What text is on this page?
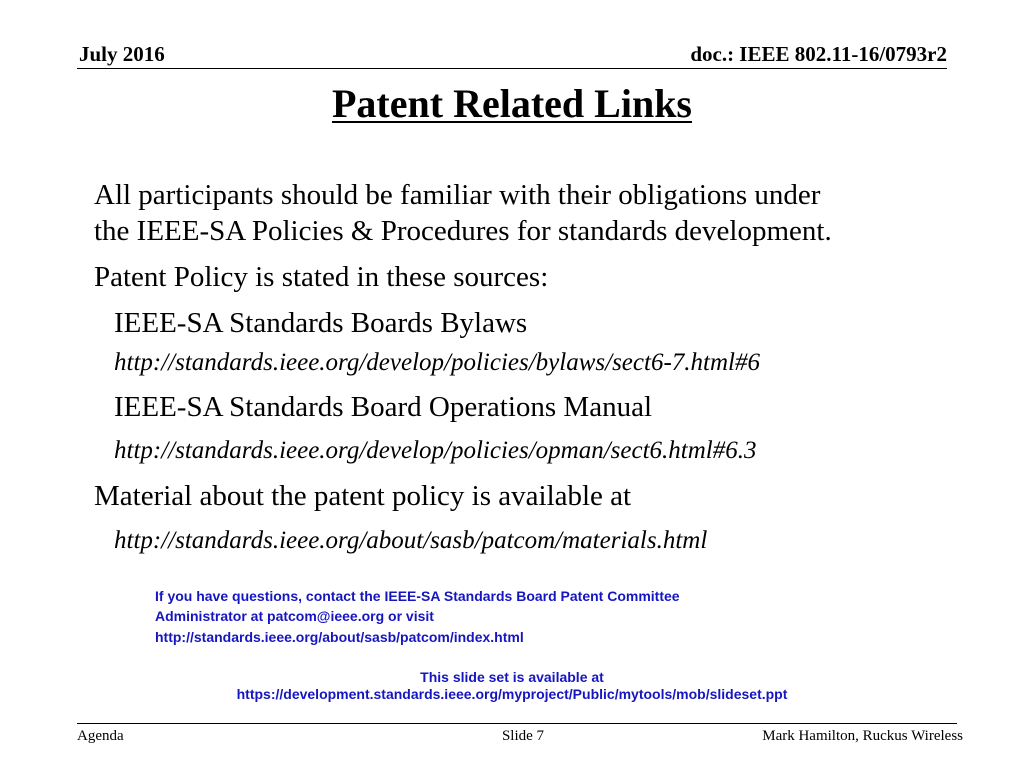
July 2016	doc.: IEEE 802.11-16/0793r2
Patent Related Links
All participants should be familiar with their obligations under
the IEEE-SA Policies & Procedures for standards development.
Patent Policy is stated in these sources:
IEEE-SA Standards Boards Bylaws
http://standards.ieee.org/develop/policies/bylaws/sect6-7.html#6
IEEE-SA Standards Board Operations Manual
http://standards.ieee.org/develop/policies/opman/sect6.html#6.3
Material about the patent policy is available at
http://standards.ieee.org/about/sasb/patcom/materials.html
If you have questions, contact the IEEE-SA Standards Board Patent Committee
Administrator at patcom@ieee.org or visit
http://standards.ieee.org/about/sasb/patcom/index.html
This slide set is available at
https://development.standards.ieee.org/myproject/Public/mytools/mob/slideset.ppt
Agenda	Slide 7	Mark Hamilton, Ruckus Wireless
